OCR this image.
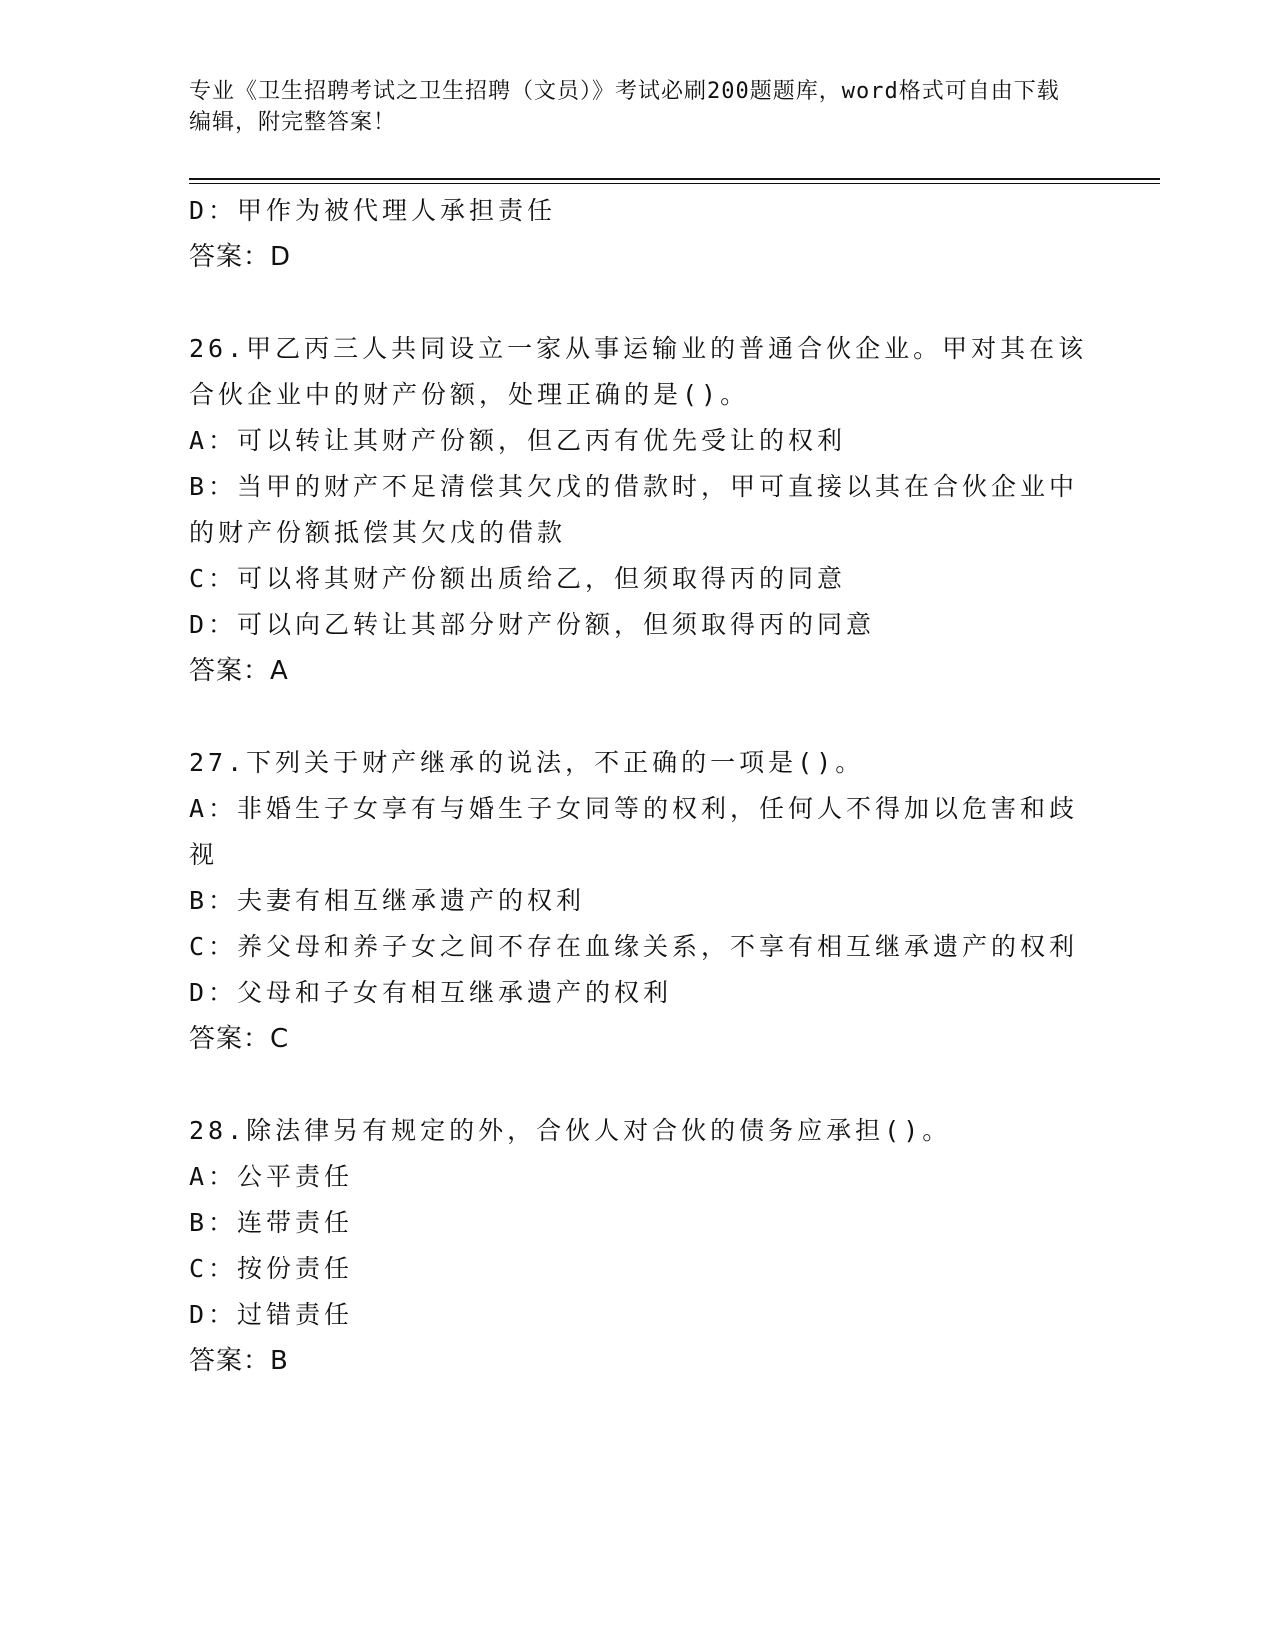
专业《卫生招聘考试之卫生招聘（文员）》考试必刷200题题库，word格式可自由下载编辑，附完整答案！
D：甲作为被代理人承担责任
答案：D
26.甲乙丙三人共同设立一家从事运输业的普通合伙企业。甲对其在该合伙企业中的财产份额，处理正确的是()。
A：可以转让其财产份额，但乙丙有优先受让的权利
B：当甲的财产不足清偿其欠戊的借款时，甲可直接以其在合伙企业中的财产份额抵偿其欠戊的借款
C：可以将其财产份额出质给乙，但须取得丙的同意
D：可以向乙转让其部分财产份额，但须取得丙的同意
答案：A
27.下列关于财产继承的说法，不正确的一项是()。
A：非婚生子女享有与婚生子女同等的权利，任何人不得加以危害和歧视
B：夫妻有相互继承遗产的权利
C：养父母和养子女之间不存在血缘关系，不享有相互继承遗产的权利
D：父母和子女有相互继承遗产的权利
答案：C
28.除法律另有规定的外，合伙人对合伙的债务应承担()。
A：公平责任
B：连带责任
C：按份责任
D：过错责任
答案：B
